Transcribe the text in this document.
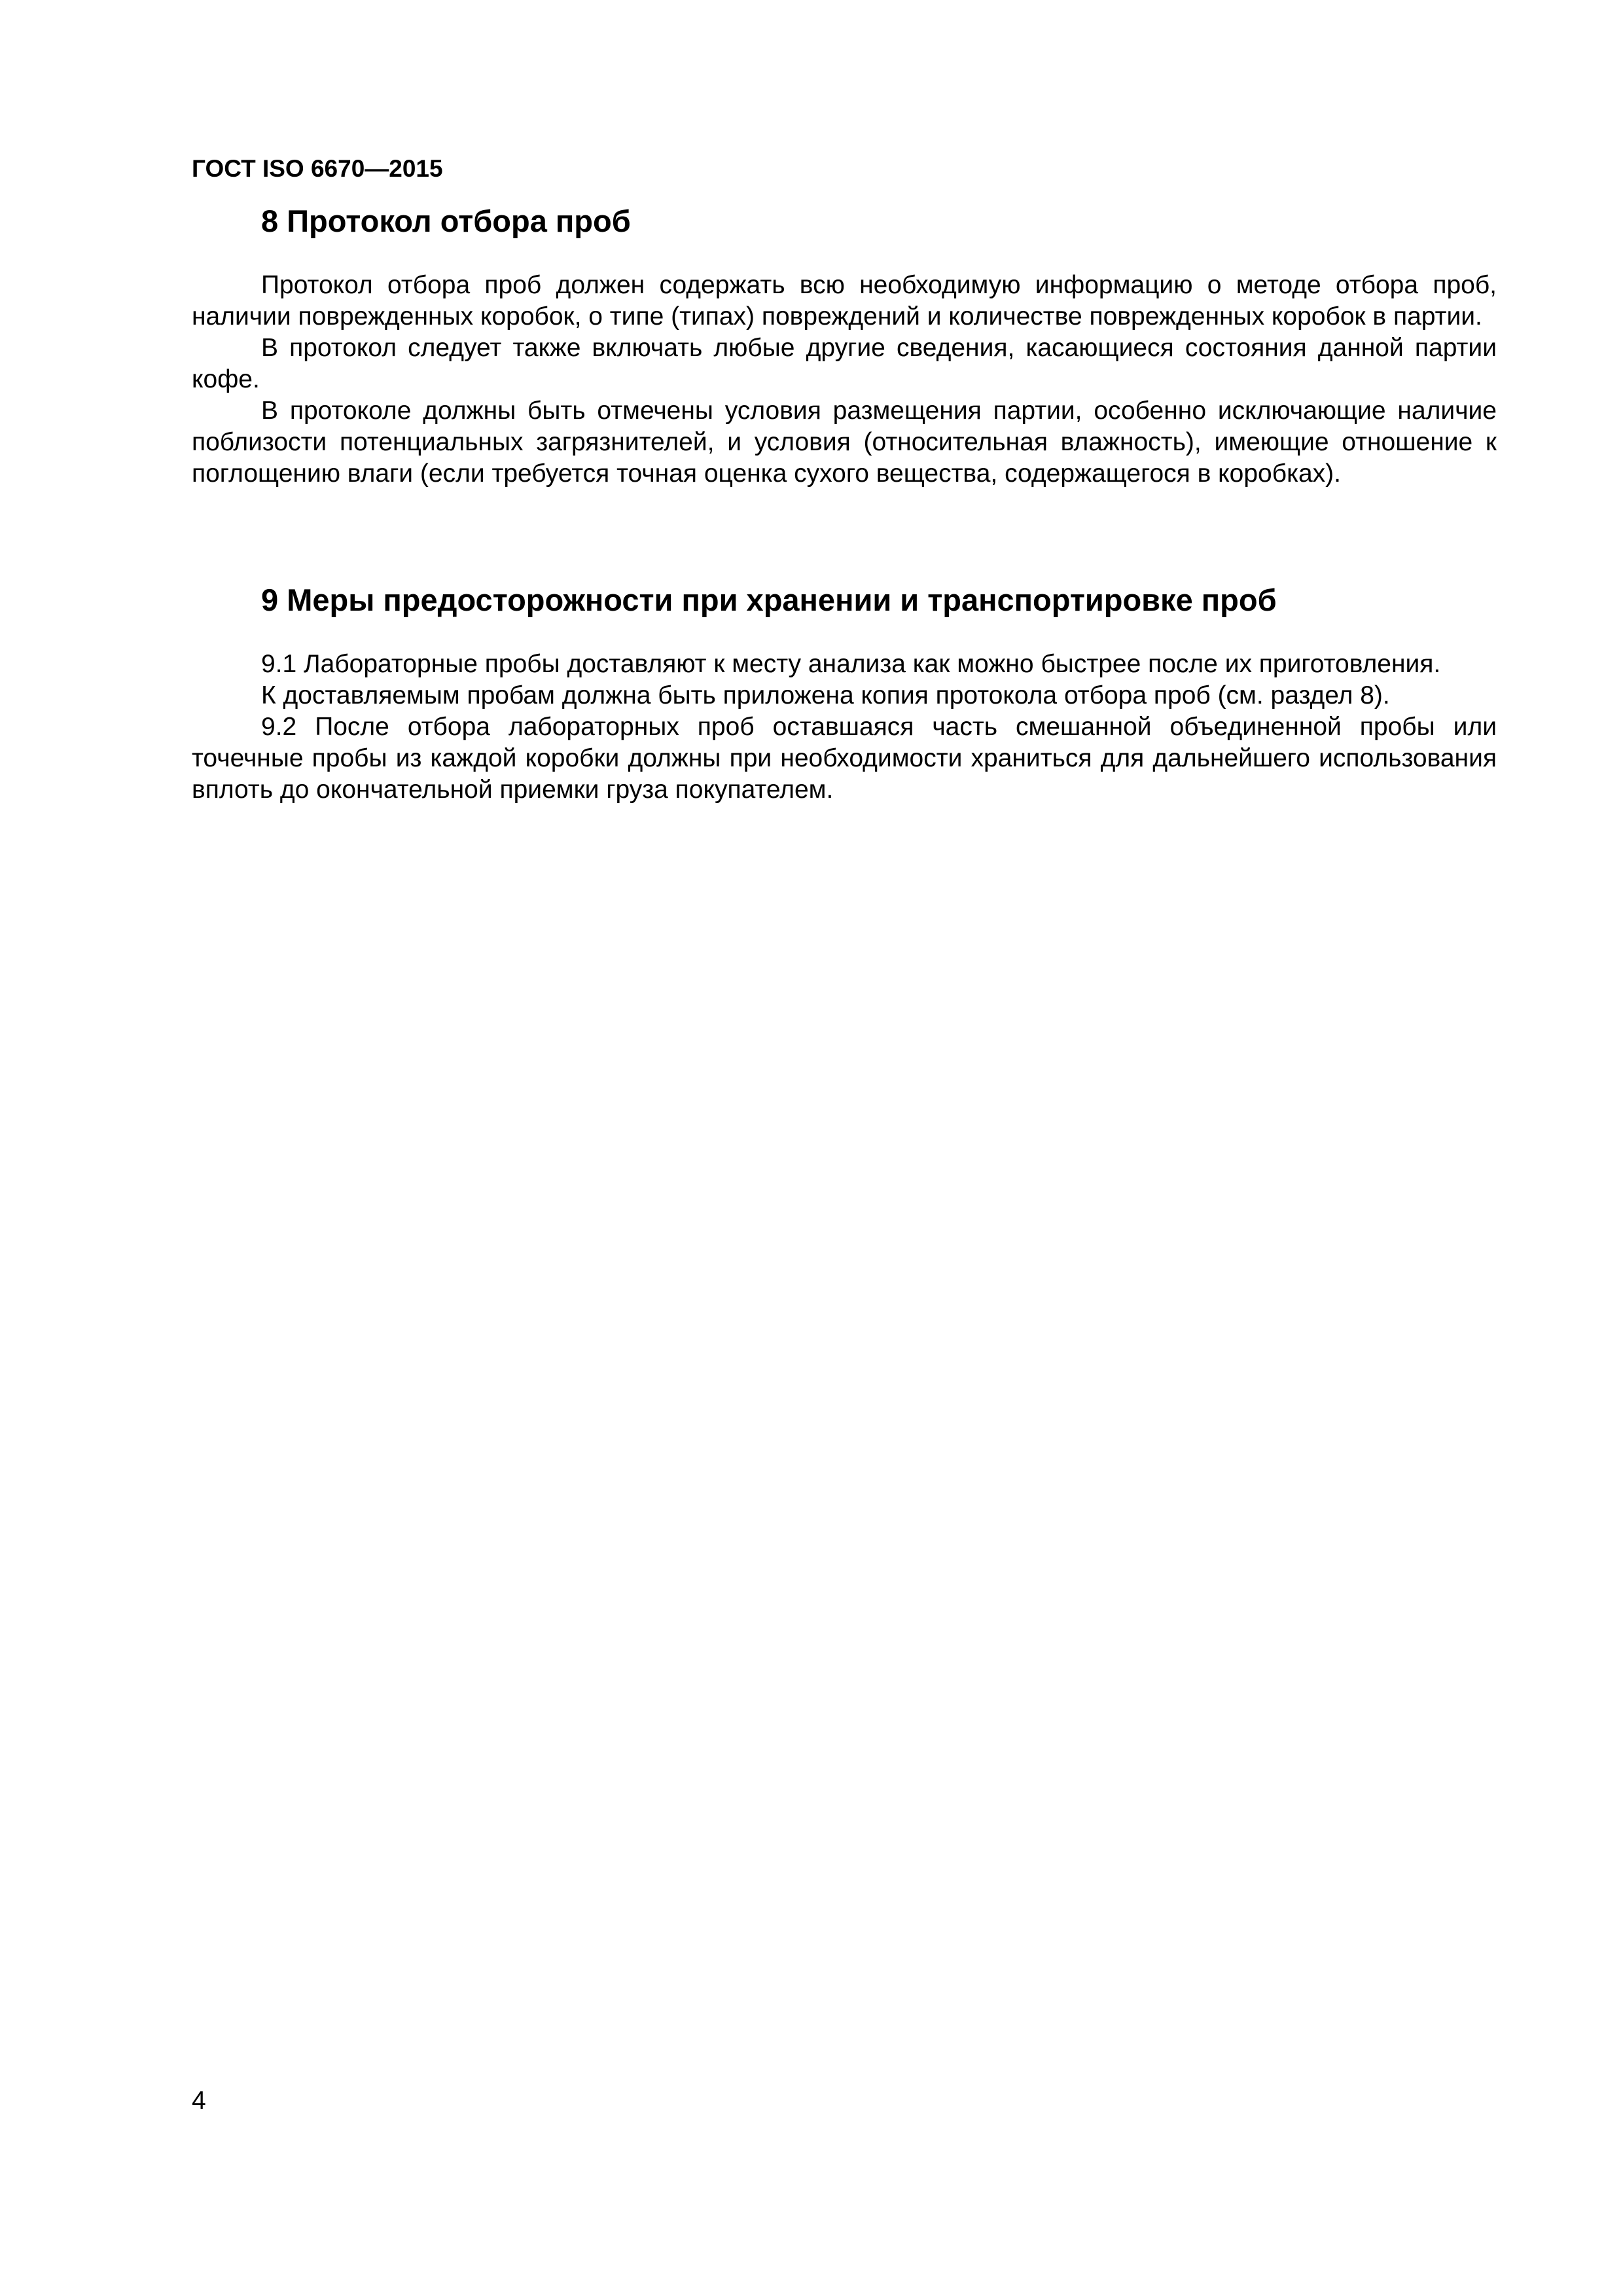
ГОСТ ISO 6670—2015

8 Протокол отбора проб

Протокол отбора проб должен содержать всю необходимую информацию о методе отбора проб, наличии поврежденных коробок, о типе (типах) повреждений и количестве поврежденных коробок в партии.

В протокол следует также включать любые другие сведения, касающиеся состояния данной партии кофе.

В протоколе должны быть отмечены условия размещения партии, особенно исключающие наличие поблизости потенциальных загрязнителей, и условия (относительная влажность), имеющие отношение к поглощению влаги (если требуется точная оценка сухого вещества, содержащегося в коробках).

9 Меры предосторожности при хранении и транспортировке проб

9.1 Лабораторные пробы доставляют к месту анализа как можно быстрее после их приготовления.

К доставляемым пробам должна быть приложена копия протокола отбора проб (см. раздел 8).

9.2 После отбора лабораторных проб оставшаяся часть смешанной объединенной пробы или точечные пробы из каждой коробки должны при необходимости храниться для дальнейшего использования вплоть до окончательной приемки груза покупателем.

4
